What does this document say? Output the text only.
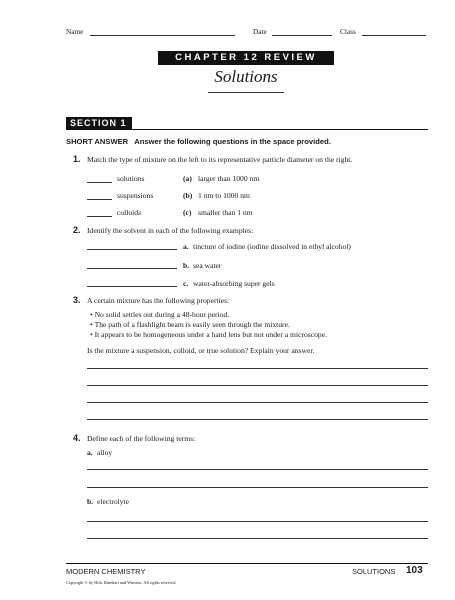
Name	Date	Class
CHAPTER 12 REVIEW
Solutions
SECTION 1
SHORT ANSWER Answer the following questions in the space provided.
1. Match the type of mixture on the left to its representative particle diameter on the right.
solutions	(a) larger than 1000 nm
suspensions	(b) 1 nm to 1000 nm
colloids	(c) smaller than 1 nm
2. Identify the solvent in each of the following examples:
a. tincture of iodine (iodine dissolved in ethyl alcohol)
b. sea water
c. water-absorbing super gels
3. A certain mixture has the following properties:
• No solid settles out during a 48-hour period.
• The path of a flashlight beam is easily seen through the mixture.
• It appears to be homogeneous under a hand lens but not under a microscope.
Is the mixture a suspension, colloid, or true solution? Explain your answer.
4. Define each of the following terms:
a. alloy
b. electrolyte
MODERN CHEMISTRY	SOLUTIONS 103
Copyright © by Holt, Rinehart and Winston. All rights reserved.
